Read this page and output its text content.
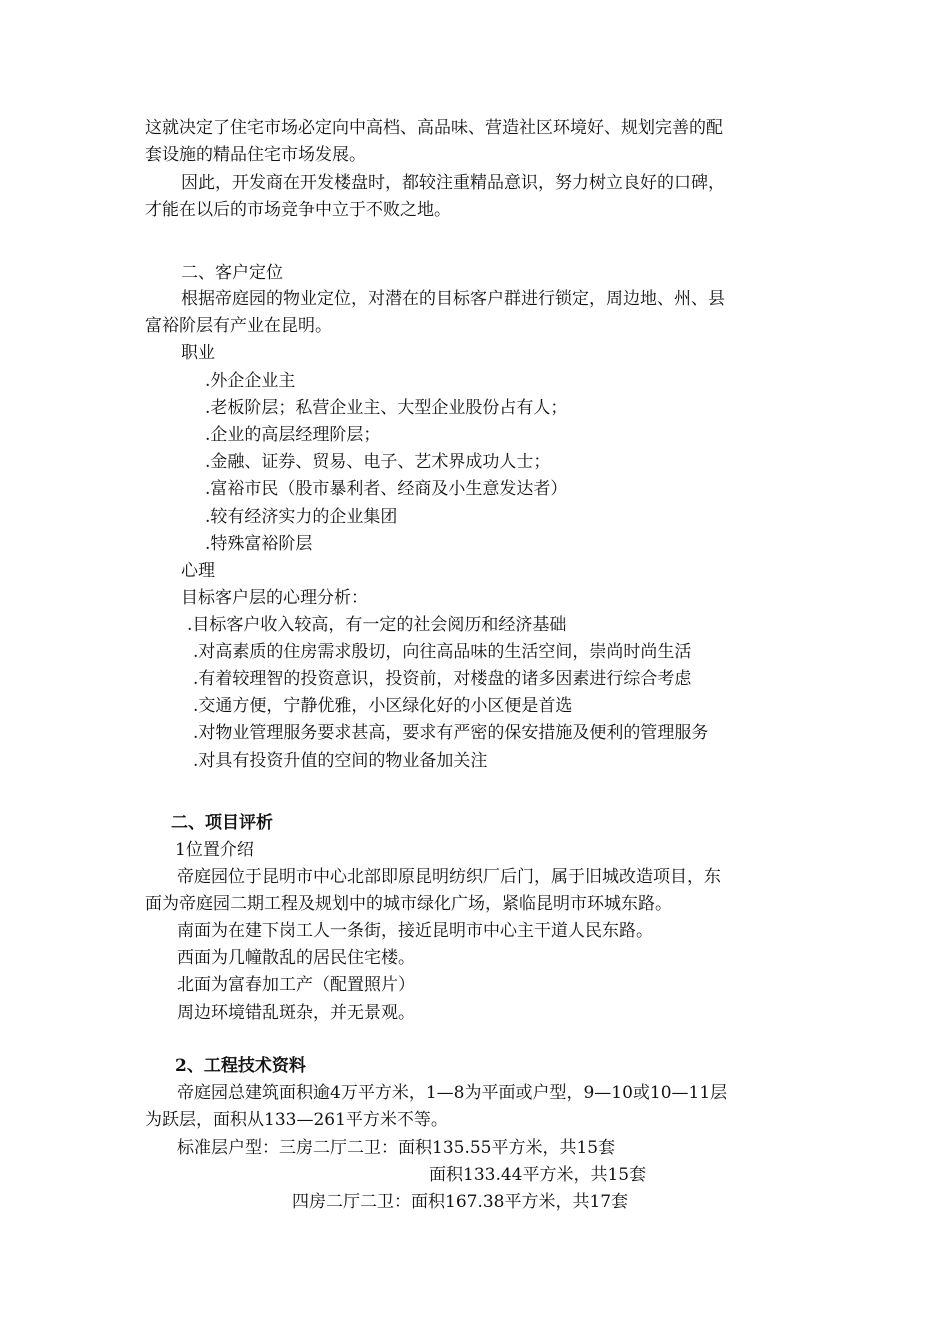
这就决定了住宅市场必定向中高档、高品味、营造社区环境好、规划完善的配
套设施的精品住宅市场发展。
因此，开发商在开发楼盘时，都较注重精品意识，努力树立良好的口碑，
才能在以后的市场竞争中立于不败之地。
二、客户定位
根据帝庭园的物业定位，对潜在的目标客户群进行锁定，周边地、州、县
富裕阶层有产业在昆明。
职业
.外企企业主
.老板阶层；私营企业主、大型企业股份占有人；
.企业的高层经理阶层；
.金融、证券、贸易、电子、艺术界成功人士；
.富裕市民（股市暴利者、经商及小生意发达者）
.较有经济实力的企业集团
.特殊富裕阶层
心理
目标客户层的心理分析：
.目标客户收入较高，有一定的社会阅历和经济基础
.对高素质的住房需求殷切，向往高品味的生活空间，崇尚时尚生活
.有着较理智的投资意识，投资前，对楼盘的诸多因素进行综合考虑
.交通方便，宁静优雅，小区绿化好的小区便是首选
.对物业管理服务要求甚高，要求有严密的保安措施及便利的管理服务
.对具有投资升值的空间的物业备加关注
二、项目评析
1位置介绍
帝庭园位于昆明市中心北部即原昆明纺织厂后门，属于旧城改造项目，东
面为帝庭园二期工程及规划中的城市绿化广场，紧临昆明市环城东路。
南面为在建下岗工人一条街，接近昆明市中心主干道人民东路。
西面为几幢散乱的居民住宅楼。
北面为富春加工产（配置照片）
周边环境错乱斑杂，并无景观。
2、工程技术资料
帝庭园总建筑面积逾4万平方米，1—8为平面或户型，9—10或10—11层
为跃层，面积从133—261平方米不等。
标准层户型：三房二厅二卫：面积135.55平方米，共15套
面积133.44平方米，共15套
四房二厅二卫：面积167.38平方米，共17套
